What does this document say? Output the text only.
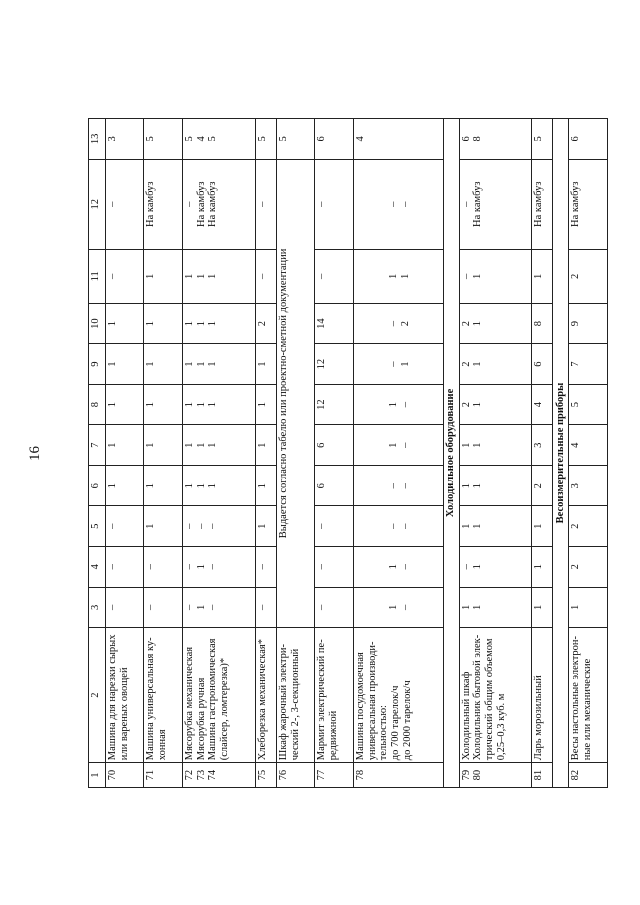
16
1	2	3	4	5	6	7	8	9	10	11	12	13

70	Машина для нарезки сырых или вареных овощей	–	–	–	1	1	1	1	1	–	–	3

71	Машина универсальная ку- хонная	–	–	1	1	1	1	1	1	1	На камбуз	5

72 73 74	Мясорубка механическая Мясорубка ручная Машина гастрономическая (слайсер, ломтерезка)*	– 1 –	– 1 –	– – –	1 1 1	1 1 1	1 1 1	1 1 1	1 1 1	1 1 1	– На камбуз На камбуз	5 4 5

75	Хлеборезка механическая*	–	–	1	1	1	1	1	2	–	–	5

76	Шкаф жарочный электри- ческий 2-, 3-секционный	Выдается согласно табелю или проектно-сметной документации										5

77	Мармит электрический пе- редвижной	–	–	–	6	6	12	12	14	–	–	6

78	Машина посудомоечная универсальная производи- тельностью: до 700 тарелок/ч до 2000 тарелок/ч	1 –	1 –	– –	– –	1 –	1 –	– 1	– 2	1 1	– –	4

Холодильное оборудование												

79 80	Холодильный шкаф Холодильник бытовой элек- трический общим объемом 0,25–0,3 куб. м	1 1	– 1	1 1	1 1	1 1	2 1	2 1	2 1	– 1	– На камбуз	6 8

81	Ларь морозильный	1	1	1	2	3	4	6	8	1	На камбуз	5

Весоизмерительные приборы												

82	Весы настольные электрон- ные или механические	1	2	2	3	4	5	7	9	2	На камбуз	6
